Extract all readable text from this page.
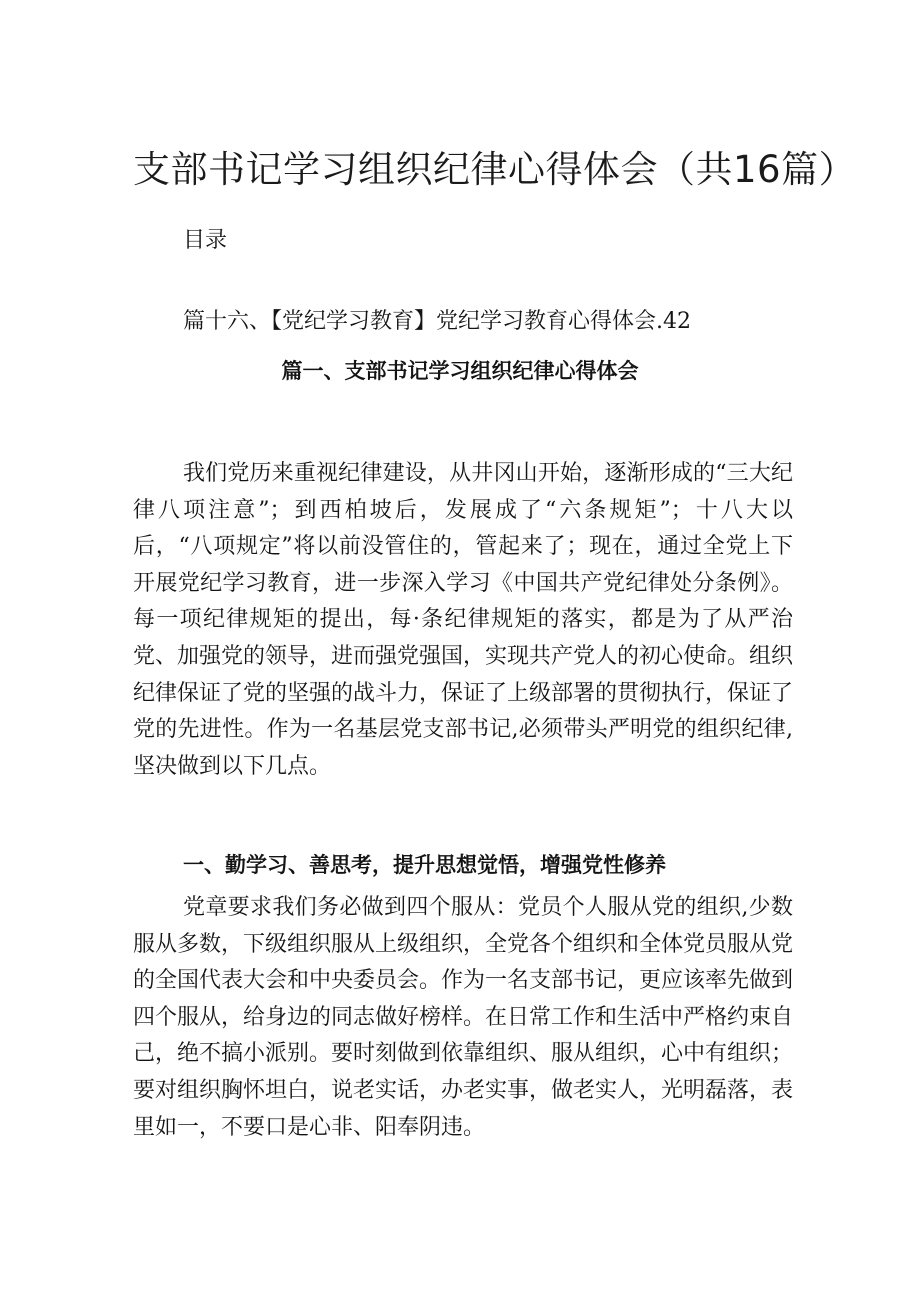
支部书记学习组织纪律心得体会（共16篇）
目录
篇十六、【党纪学习教育】党纪学习教育心得体会.42
篇一、支部书记学习组织纪律心得体会

我们党历来重视纪律建设，从井冈山开始，逐渐形成的“三大纪律八项注意”；到西柏坡后，发展成了“六条规矩”；十八大以后，“八项规定”将以前没管住的，管起来了；现在，通过全党上下开展党纪学习教育，进一步深入学习《中国共产党纪律处分条例》。每一项纪律规矩的提出，每·条纪律规矩的落实，都是为了从严治党、加强党的领导，进而强党强国，实现共产党人的初心使命。组织纪律保证了党的坚强的战斗力，保证了上级部署的贯彻执行，保证了党的先进性。作为一名基层党支部书记,必须带头严明党的组织纪律,坚决做到以下几点。

一、勤学习、善思考，提升思想觉悟，增强党性修养

党章要求我们务必做到四个服从：党员个人服从党的组织,少数服从多数，下级组织服从上级组织，全党各个组织和全体党员服从党的全国代表大会和中央委员会。作为一名支部书记，更应该率先做到四个服从，给身边的同志做好榜样。在日常工作和生活中严格约束自己，绝不搞小派别。要时刻做到依靠组织、服从组织，心中有组织；要对组织胸怀坦白，说老实话，办老实事，做老实人，光明磊落，表里如一，不要口是心非、阳奉阴违。
